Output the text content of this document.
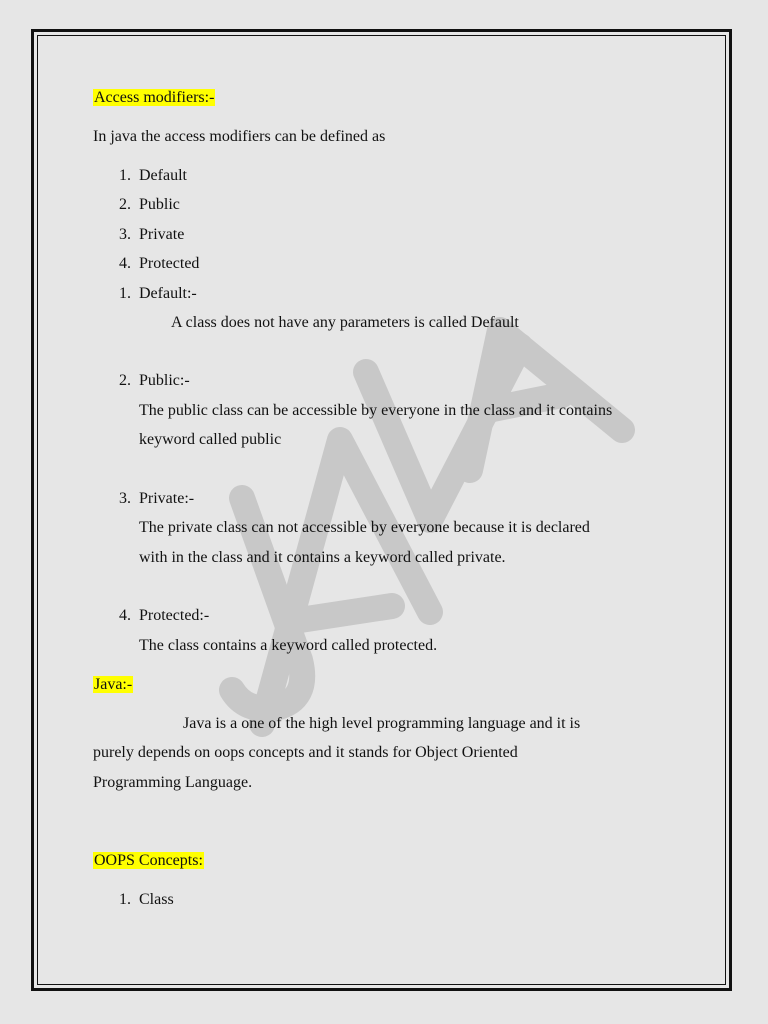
Access modifiers:-
In java the access modifiers can be defined as
1. Default
2. Public
3. Private
4. Protected
1. Default:-
A class does not have any parameters is called Default
2. Public:-
The public class can be accessible by everyone in the class and it contains
keyword called public
3. Private:-
The private class can not accessible by everyone because it is declared
with in the class and it contains a keyword called private.
4. Protected:-
The class contains a keyword called protected.
Java:-
Java is a one of the high level programming language and it is
purely depends on oops concepts and it stands for Object Oriented
Programming Language.
OOPS Concepts:
1. Class
